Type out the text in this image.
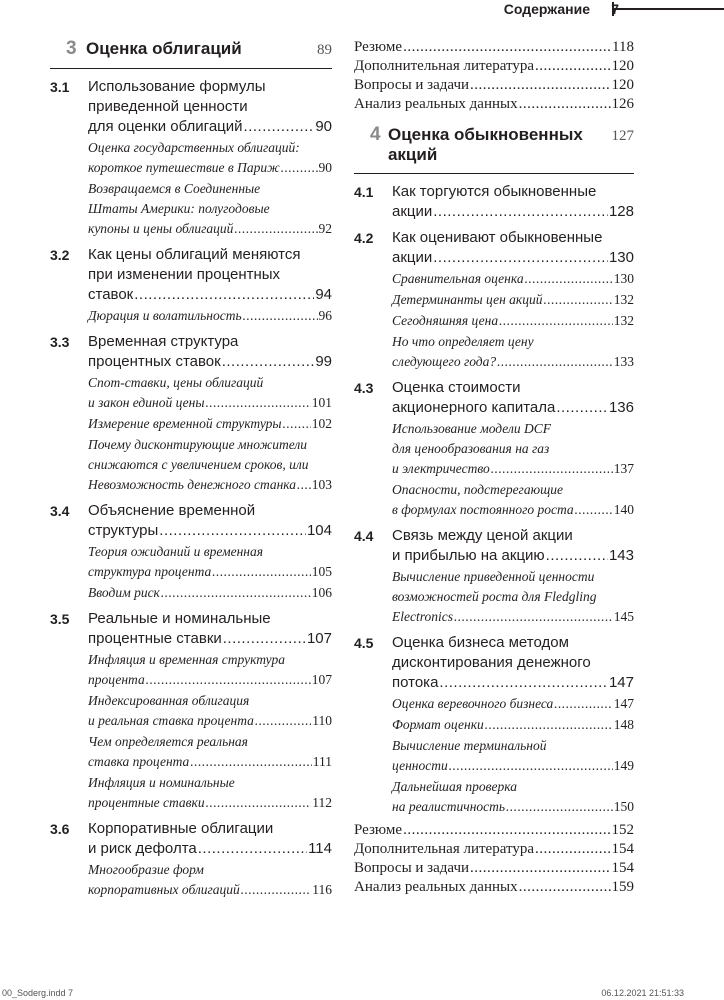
Содержание
3 Оценка облигаций	89
3.1 Использование формулы
приведенной ценности
для оценки облигаций .....	90
Оценка государственных облигаций:
короткое путешествие в Париж .....	90
Возвращаемся в Соединенные
Штаты Америки: полугодовые
купоны и цены облигаций .....	92
3.2 Как цены облигаций меняются
при изменении процентных
ставок .....	94
Дюрация и волатильность .....	96
3.3 Временная структура
процентных ставок .....	99
Спот-ставки, цены облигаций
и закон единой цены .....	101
Измерение временной структуры ..... 102
Почему дисконтирующие множители
снижаются с увеличением сроков, или
Невозможность денежного станка ..... 103
3.4 Объяснение временной
структуры .....	104
Теория ожиданий и временная
структура процента .....	105
Вводим риск .....	106
3.5 Реальные и номинальные
процентные ставки .....	107
Инфляция и временная структура
процента .....	107
Индексированная облигация
и реальная ставка процента .....	110
Чем определяется реальная
ставка процента .....	111
Инфляция и номинальные
процентные ставки .....	112
3.6 Корпоративные облигации
и риск дефолта .....	114
Многообразие форм
корпоративных облигаций .....	116
Резюме .....	118
Дополнительная литература .....	120
Вопросы и задачи .....	120
Анализ реальных данных .....	126
4 Оценка обыкновенных акций
127
4.1 Как торгуются обыкновенные
акции .....	128
4.2 Как оценивают обыкновенные
акции .....	130
Сравнительная оценка .....	130
Детерминанты цен акций .....	132
Сегодняшняя цена .....	132
Но что определяет цену
следующего года? .....	133
4.3 Оценка стоимости
акционерного капитала .....	136
Использование модели DCF
для ценообразования на газ
и электричество .....	137
Опасности, подстерегающие
в формулах постоянного роста .....	140
4.4 Связь между ценой акции
и прибылью на акцию .....	143
Вычисление приведенной ценности
возможностей роста для Fledgling
Electronics .....	145
4.5 Оценка бизнеса методом
дисконтирования денежного
потока .....	147
Оценка веревочного бизнеса .....	147
Формат оценки .....	148
Вычисление терминальной
ценности .....	149
Дальнейшая проверка
на реалистичность .....	150
Резюме .....	152
Дополнительная литература .....	154
Вопросы и задачи .....	154
Анализ реальных данных .....	159
00_Soderg.indd 7	06.12.2021 21:51:33
